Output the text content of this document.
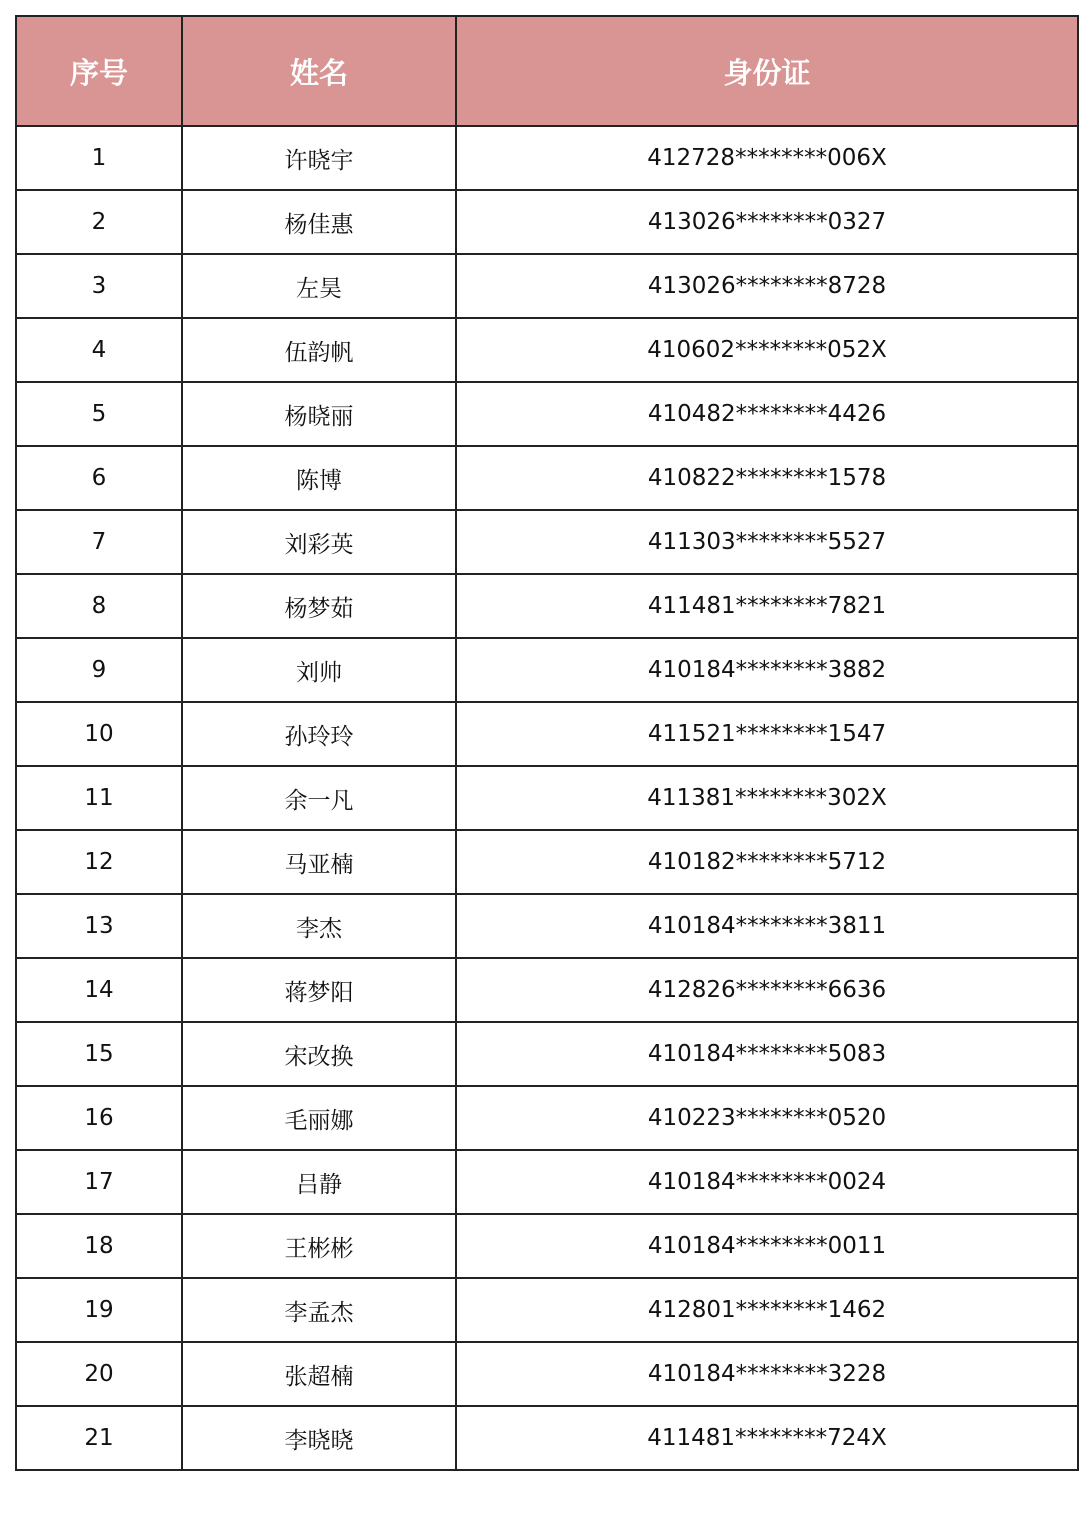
序号	姓名	身份证
1	许晓宇	412728********006X
2	杨佳惠	413026********0327
3	左昊	413026********8728
4	伍韵帆	410602********052X
5	杨晓丽	410482********4426
6	陈博	410822********1578
7	刘彩英	411303********5527
8	杨梦茹	411481********7821
9	刘帅	410184********3882
10	孙玲玲	411521********1547
11	余一凡	411381********302X
12	马亚楠	410182********5712
13	李杰	410184********3811
14	蒋梦阳	412826********6636
15	宋改换	410184********5083
16	毛丽娜	410223********0520
17	吕静	410184********0024
18	王彬彬	410184********0011
19	李孟杰	412801********1462
20	张超楠	410184********3228
21	李晓晓	411481********724X
